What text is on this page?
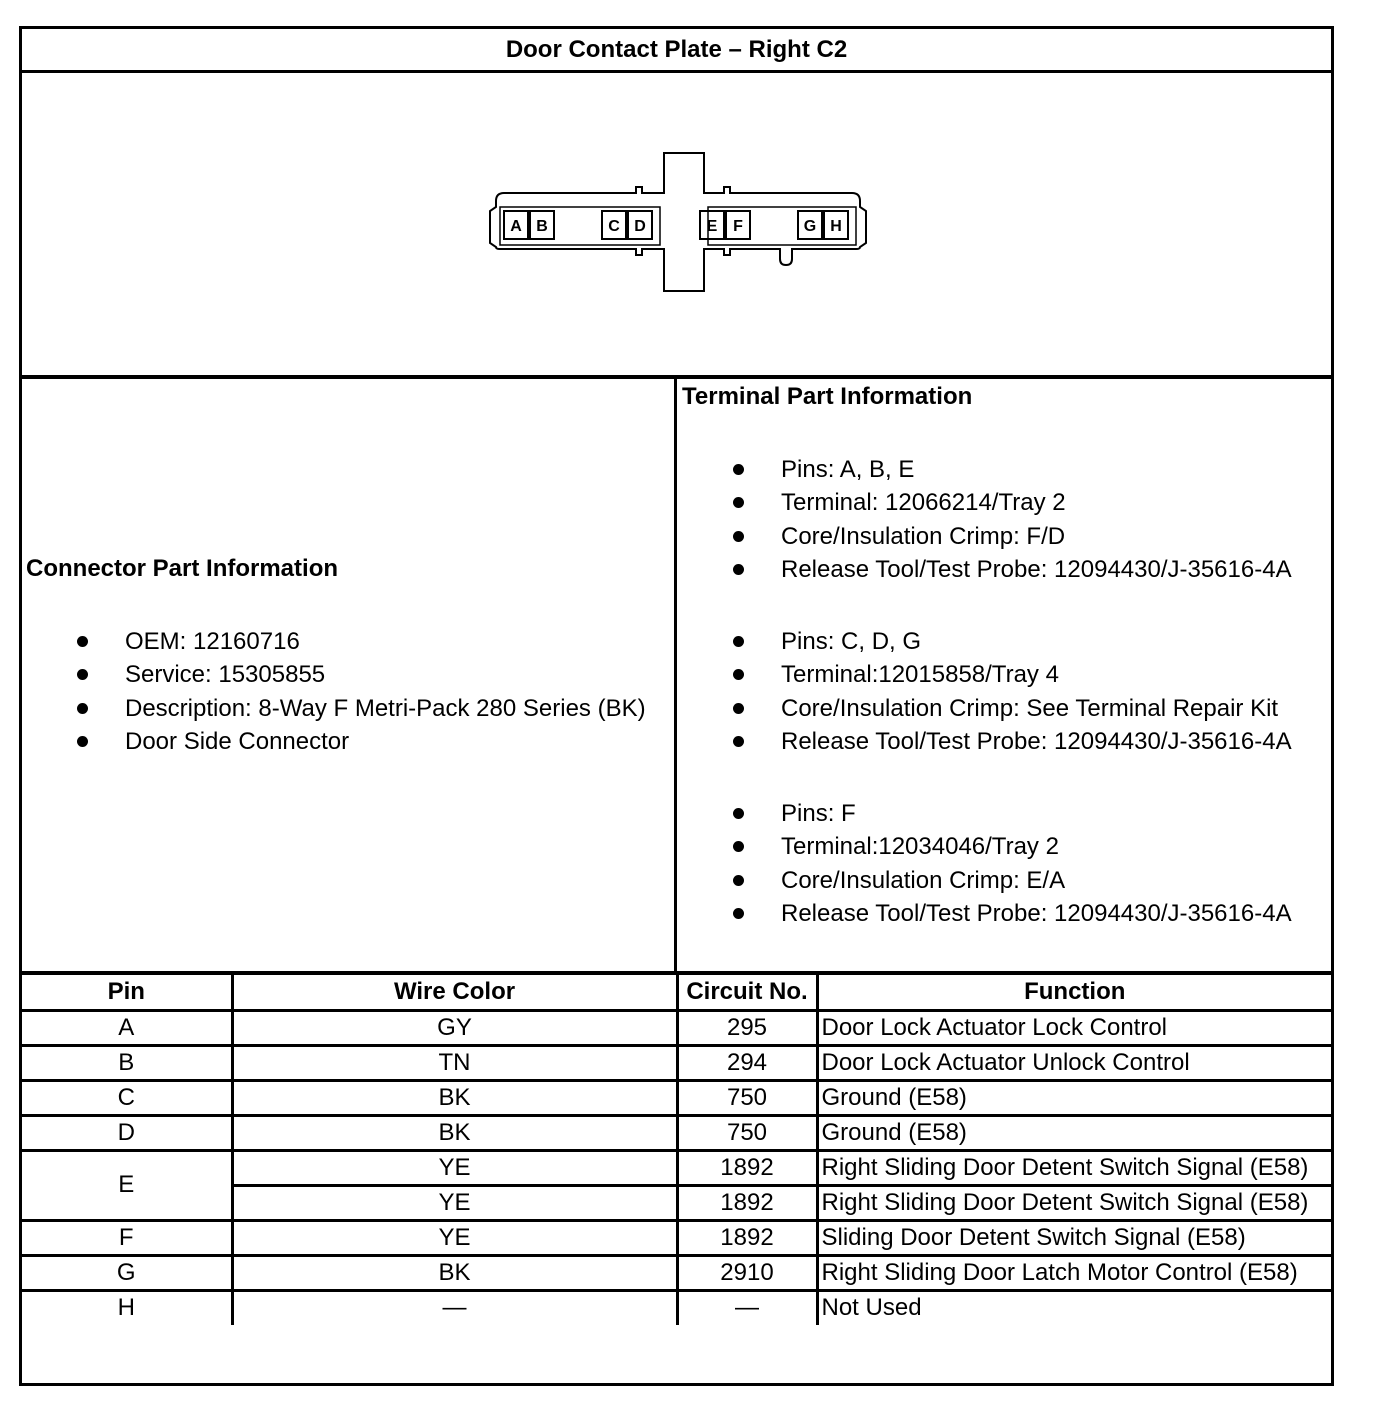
Door Contact Plate – Right C2
A B	C D	E F	G H
Connector Part Information
OEM: 12160716
Service: 15305855
Description: 8-Way F Metri-Pack 280 Series (BK)
Door Side Connector
Terminal Part Information
Pins: A, B, E
Terminal: 12066214/Tray 2
Core/Insulation Crimp: F/D
Release Tool/Test Probe: 12094430/J-35616-4A
Pins: C, D, G
Terminal:12015858/Tray 4
Core/Insulation Crimp: See Terminal Repair Kit
Release Tool/Test Probe: 12094430/J-35616-4A
Pins: F
Terminal:12034046/Tray 2
Core/Insulation Crimp: E/A
Release Tool/Test Probe: 12094430/J-35616-4A
Pin	Wire Color	Circuit No.	Function
A	GY	295	Door Lock Actuator Lock Control
B	TN	294	Door Lock Actuator Unlock Control
C	BK	750	Ground (E58)
D	BK	750	Ground (E58)
E	YE	1892	Right Sliding Door Detent Switch Signal (E58)
	YE	1892	Right Sliding Door Detent Switch Signal (E58)
F	YE	1892	Sliding Door Detent Switch Signal (E58)
G	BK	2910	Right Sliding Door Latch Motor Control (E58)
H	—	—	Not Used
